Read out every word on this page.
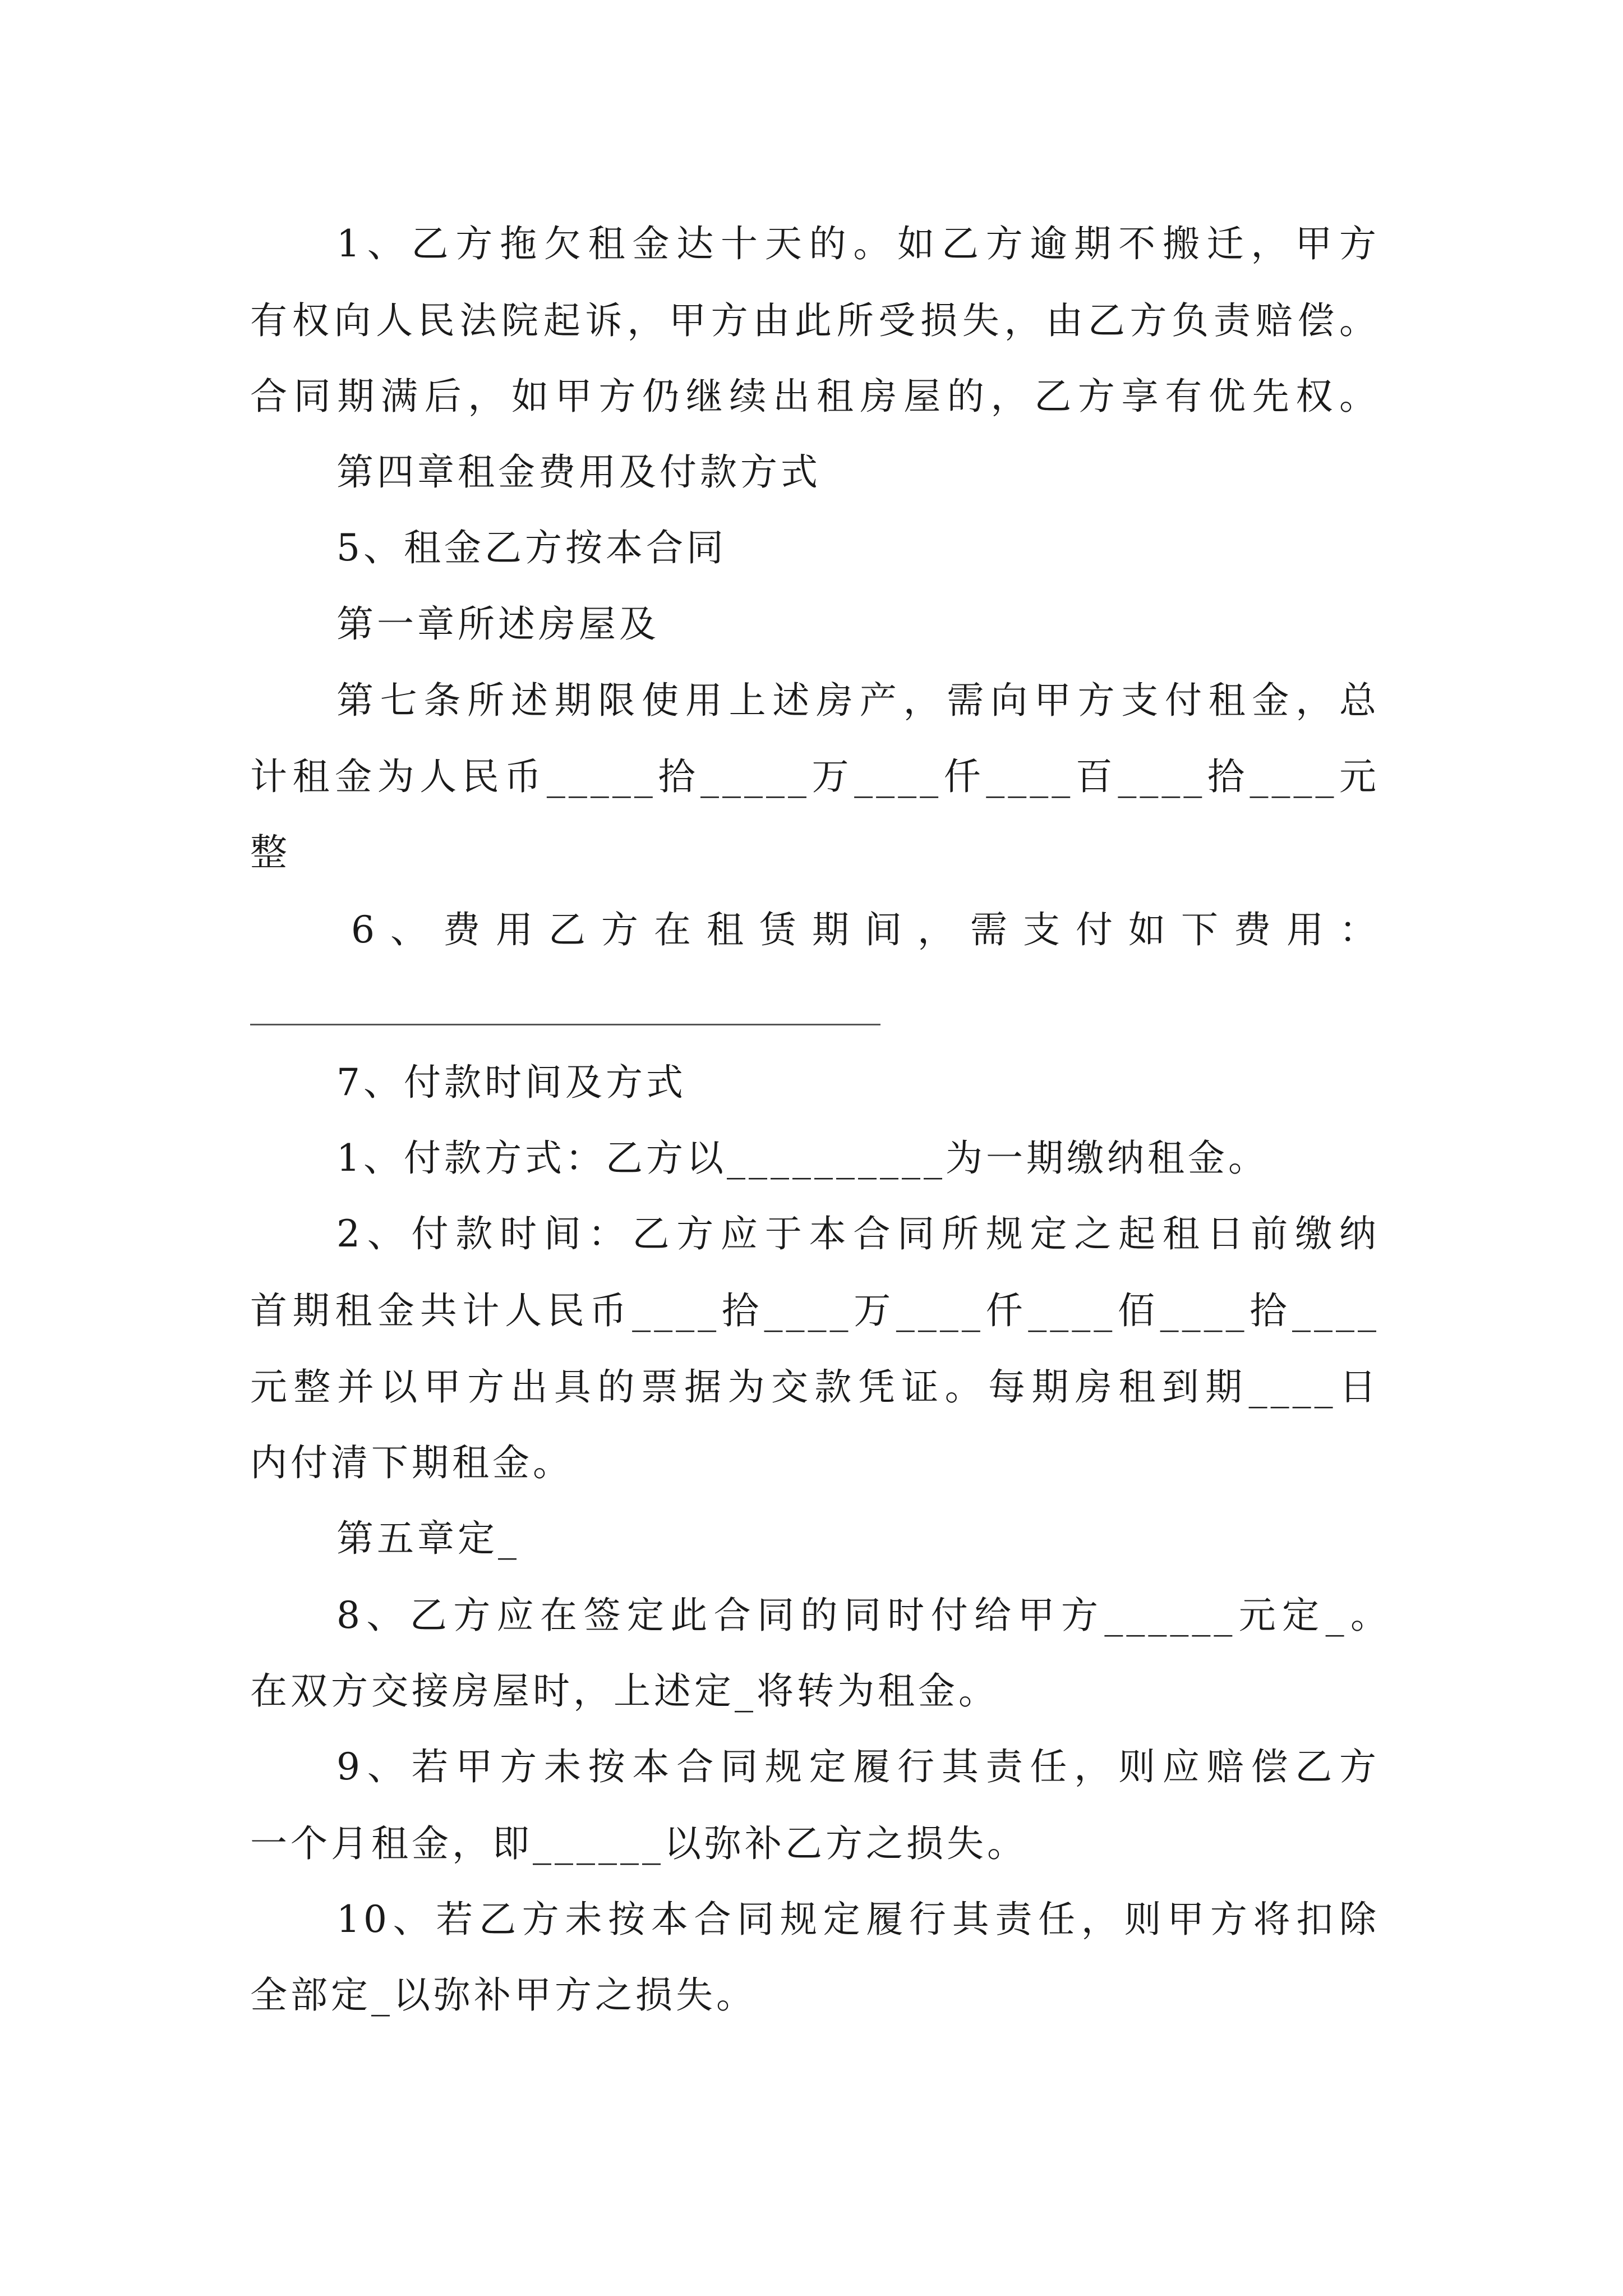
1、乙方拖欠租金达十天的。如乙方逾期不搬迁，甲方

有权向人民法院起诉，甲方由此所受损失，由乙方负责赔偿。

合同期满后，如甲方仍继续出租房屋的，乙方享有优先权。

第四章租金费用及付款方式

5、租金乙方按本合同

第一章所述房屋及

第七条所述期限使用上述房产，需向甲方支付租金，总

计租金为人民币_____拾_____万____仟____百____拾____元

整

6、费用乙方在租赁期间，需支付如下费用：

7、付款时间及方式

1、付款方式：乙方以__________为一期缴纳租金。

2、付款时间：乙方应于本合同所规定之起租日前缴纳

首期租金共计人民币____拾____万____仟____佰____拾____

元整并以甲方出具的票据为交款凭证。每期房租到期____日

内付清下期租金。

第五章定_

8、乙方应在签定此合同的同时付给甲方______元定_。

在双方交接房屋时，上述定_将转为租金。

9、若甲方未按本合同规定履行其责任，则应赔偿乙方

一个月租金，即______以弥补乙方之损失。

10、若乙方未按本合同规定履行其责任，则甲方将扣除

全部定_以弥补甲方之损失。
